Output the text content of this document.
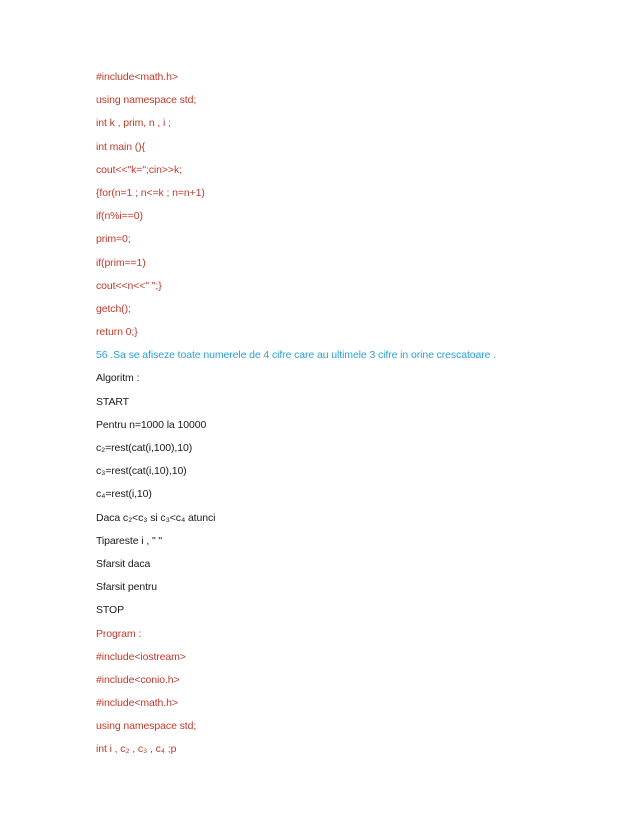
#include<math.h>
using namespace std;
int k , prim, n , i ;
int main (){
cout<<"k=";cin>>k;
{for(n=1 ; n<=k ; n=n+1)
if(n%i==0)
prim=0;
if(prim==1)
cout<<n<<" ";}
getch();
return 0;}
56 .Sa se afiseze toate numerele de 4 cifre care au ultimele 3 cifre in orine crescatoare .
Algoritm :
START
Pentru n=1000 la 10000
c₂=rest(cat(i,100),10)
c₃=rest(cat(i,10),10)
c₄=rest(i,10)
Daca c₂<c₃ si c₃<c₄ atunci
Tipareste i , " "
Sfarsit daca
Sfarsit pentru
STOP
Program :
#include<iostream>
#include<conio.h>
#include<math.h>
using namespace std;
int i , c₂ , c₃ , c₄ ;p
